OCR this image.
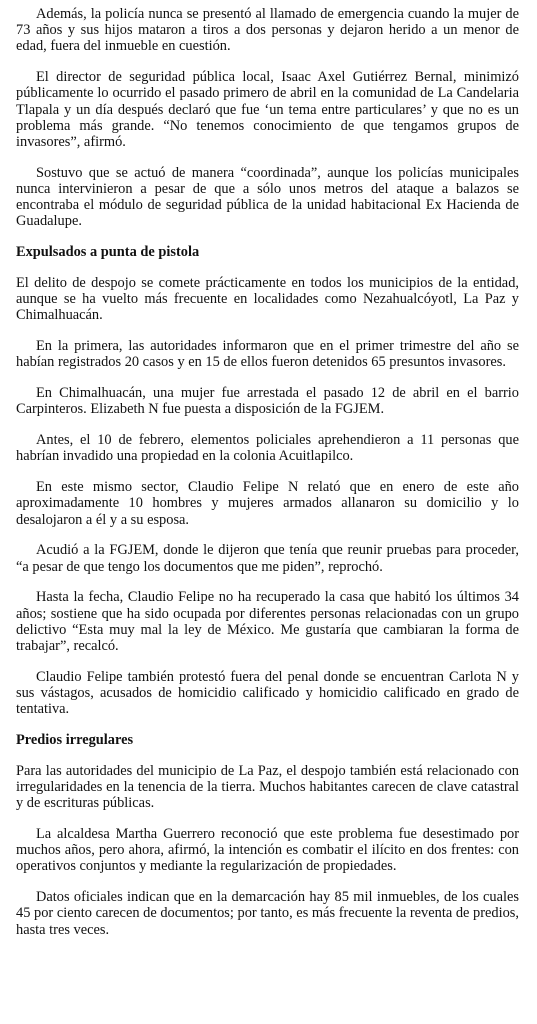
Además, la policía nunca se presentó al llamado de emergencia cuando la mujer de 73 años y sus hijos mataron a tiros a dos personas y dejaron herido a un menor de edad, fuera del inmueble en cuestión.

El director de seguridad pública local, Isaac Axel Gutiérrez Bernal, minimizó públicamente lo ocurrido el pasado primero de abril en la comunidad de La Candelaria Tlapala y un día después declaró que fue ‘un tema entre particulares’ y que no es un problema más grande. “No tenemos conocimiento de que tengamos grupos de invasores”, afirmó.

Sostuvo que se actuó de manera “coordinada”, aunque los policías municipales nunca intervinieron a pesar de que a sólo unos metros del ataque a balazos se encontraba el módulo de seguridad pública de la unidad habitacional Ex Hacienda de Guadalupe.

Expulsados a punta de pistola

El delito de despojo se comete prácticamente en todos los municipios de la entidad, aunque se ha vuelto más frecuente en localidades como Nezahualcóyotl, La Paz y Chimalhuacán.

En la primera, las autoridades informaron que en el primer trimestre del año se habían registrados 20 casos y en 15 de ellos fueron detenidos 65 presuntos invasores.

En Chimalhuacán, una mujer fue arrestada el pasado 12 de abril en el barrio Carpinteros. Elizabeth N fue puesta a disposición de la FGJEM.

Antes, el 10 de febrero, elementos policiales aprehendieron a 11 personas que habrían invadido una propiedad en la colonia Acuitlapilco.

En este mismo sector, Claudio Felipe N relató que en enero de este año aproximadamente 10 hombres y mujeres armados allanaron su domicilio y lo desalojaron a él y a su esposa.

Acudió a la FGJEM, donde le dijeron que tenía que reunir pruebas para proceder, “a pesar de que tengo los documentos que me piden”, reprochó.

Hasta la fecha, Claudio Felipe no ha recuperado la casa que habitó los últimos 34 años; sostiene que ha sido ocupada por diferentes personas relacionadas con un grupo delictivo “Esta muy mal la ley de México. Me gustaría que cambiaran la forma de trabajar”, recalcó.

Claudio Felipe también protestó fuera del penal donde se encuentran Carlota N y sus vástagos, acusados de homicidio calificado y homicidio calificado en grado de tentativa.

Predios irregulares

Para las autoridades del municipio de La Paz, el despojo también está relacionado con irregularidades en la tenencia de la tierra. Muchos habitantes carecen de clave catastral y de escrituras públicas.

La alcaldesa Martha Guerrero reconoció que este problema fue desestimado por muchos años, pero ahora, afirmó, la intención es combatir el ilícito en dos frentes: con operativos conjuntos y mediante la regularización de propiedades.

Datos oficiales indican que en la demarcación hay 85 mil inmuebles, de los cuales 45 por ciento carecen de documentos; por tanto, es más frecuente la reventa de predios, hasta tres veces.
